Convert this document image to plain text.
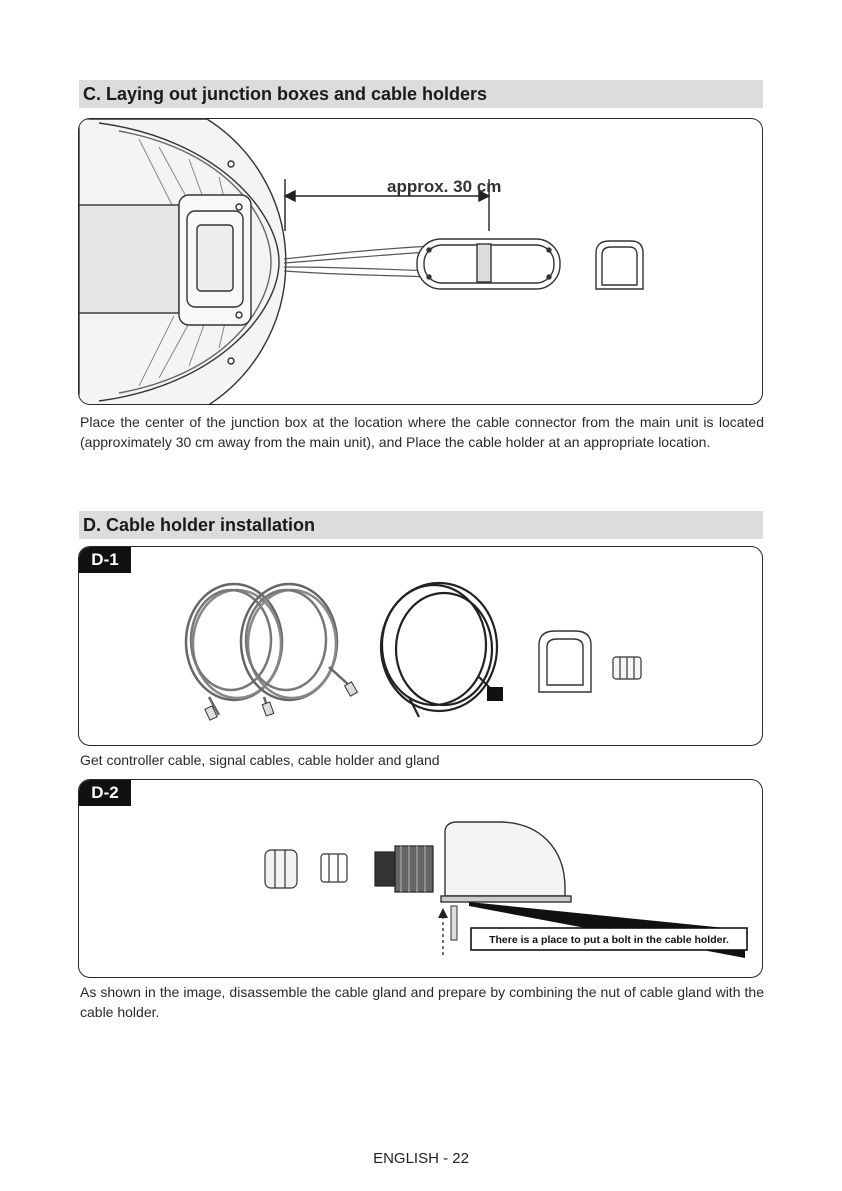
C. Laying out junction boxes and cable holders
approx. 30 cm

Place the center of the junction box at the location where the cable connector from the main unit is located (approximately 30 cm away from the main unit), and Place the cable holder at an appropriate location.

D. Cable holder installation
D-1

Get controller cable, signal cables, cable holder and gland

There is a place to put a bolt in the cable holder.
D-2

As shown in the image, disassemble the cable gland and prepare by combining the nut of cable gland with the cable holder.

ENGLISH - 22
